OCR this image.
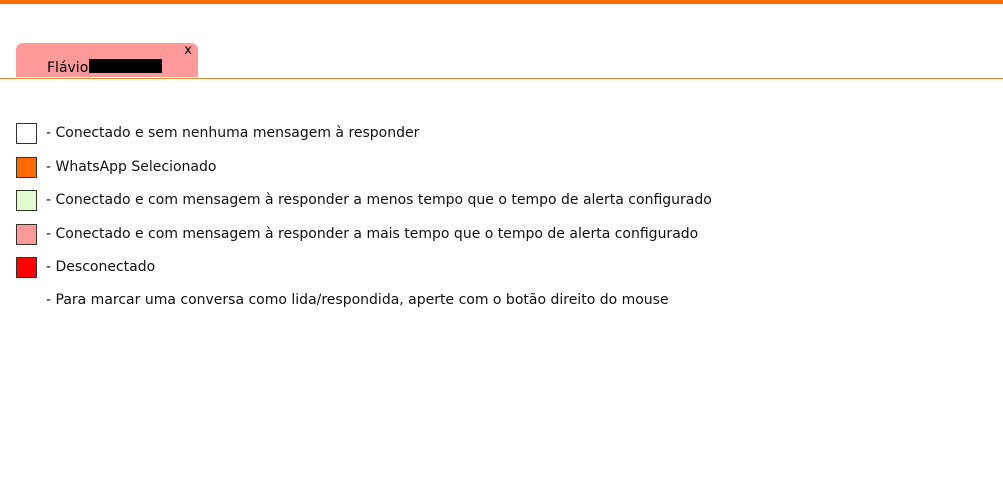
x
Flávio
- Conectado e sem nenhuma mensagem à responder
- WhatsApp Selecionado
- Conectado e com mensagem à responder a menos tempo que o tempo de alerta configurado
- Conectado e com mensagem à responder a mais tempo que o tempo de alerta configurado
- Desconectado
- Para marcar uma conversa como lida/respondida, aperte com o botão direito do mouse
